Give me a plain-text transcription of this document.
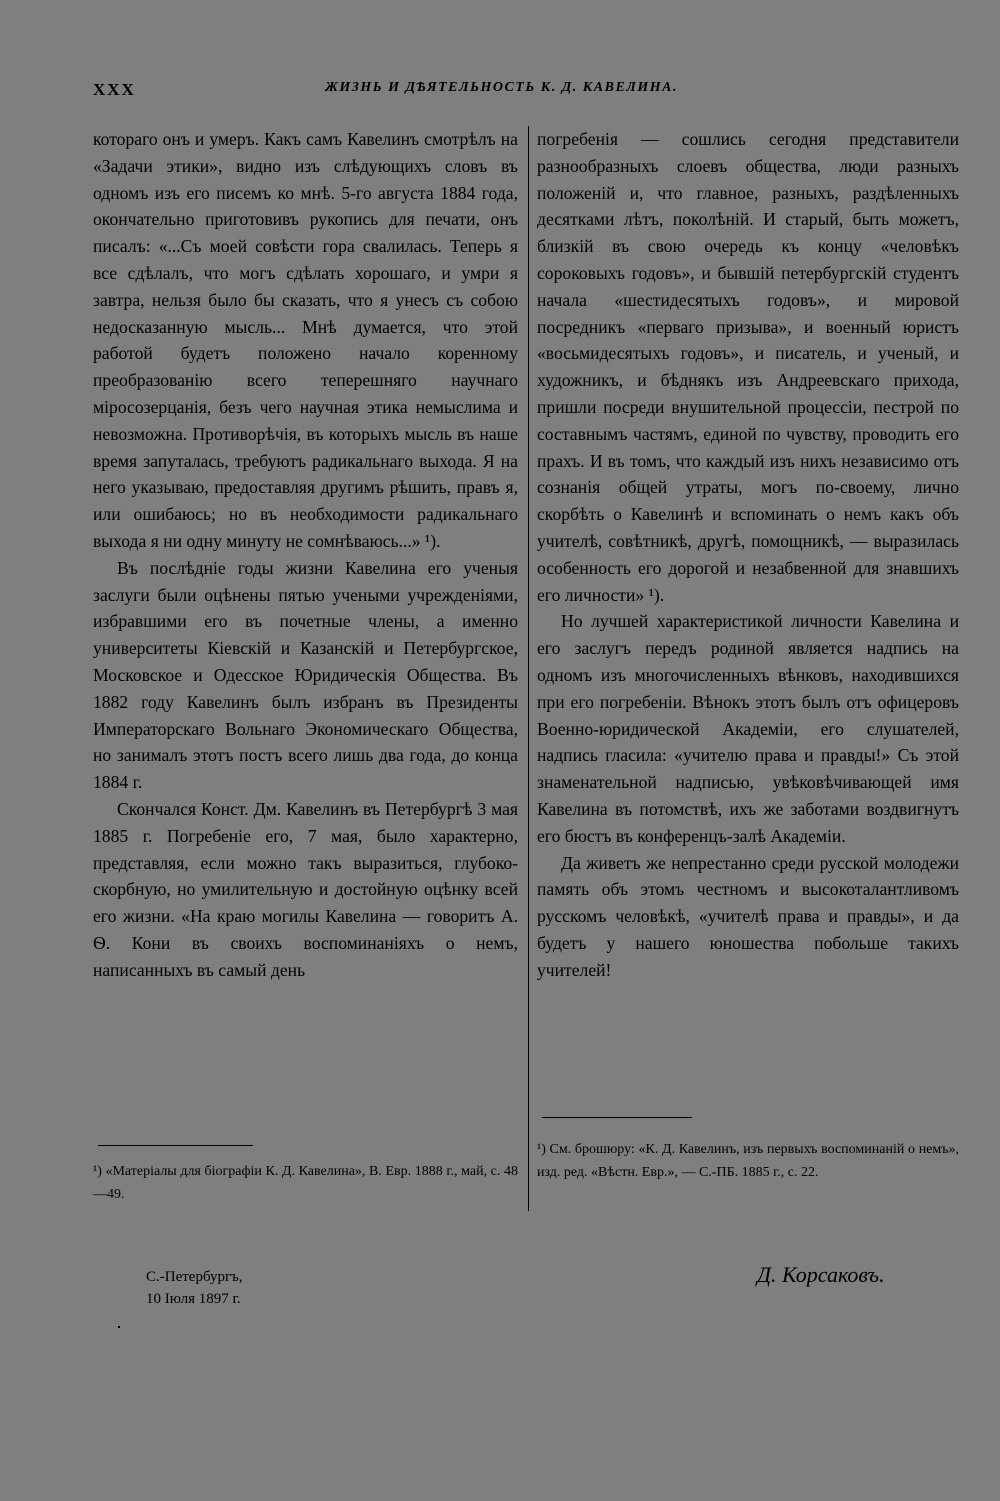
XXX	ЖИЗНЬ И ДѢЯТЕЛЬНОСТЬ К. Д. КАВЕЛИНА.

котораго онъ и умеръ. Какъ самъ Кавелинъ смотрѣлъ на «Задачи этики», видно изъ слѣдующихъ словъ въ одномъ изъ его писемъ ко мнѣ. 5-го августа 1884 года, окончательно приготовивъ рукопись для печати, онъ писалъ: «...Съ моей совѣсти гора свалилась. Теперь я все сдѣлалъ, что могъ сдѣлать хорошаго, и умри я завтра, нельзя было бы сказать, что я унесъ съ собою недосказанную мысль... Мнѣ думается, что этой работой будетъ положено начало коренному преобразованію всего теперешняго научнаго міросозерцанія, безъ чего научная этика немыслима и невозможна. Противорѣчія, въ которыхъ мысль въ наше время запуталась, требуютъ радикальнаго выхода. Я на него указываю, предоставляя другимъ рѣшить, правъ я, или ошибаюсь; но въ необходимости радикальнаго выхода я ни одну минуту не сомнѣваюсь...» ¹).

Въ послѣдніе годы жизни Кавелина его ученыя заслуги были оцѣнены пятью учеными учрежденіями, избравшими его въ почетные члены, а именно университеты Кіевскій и Казанскій и Петербургское, Московское и Одесское Юридическія Общества. Въ 1882 году Кавелинъ былъ избранъ въ Президенты Императорскаго Вольнаго Экономическаго Общества, но занималъ этотъ постъ всего лишь два года, до конца 1884 г.

Скончался Конст. Дм. Кавелинъ въ Петербургѣ 3 мая 1885 г. Погребеніе его, 7 мая, было характерно, представляя, если можно такъ выразиться, глубоко-скорбную, но умилительную и достойную оцѣнку всей его жизни. «На краю могилы Кавелина — говоритъ А. Ѳ. Кони въ своихъ воспоминаніяхъ о немъ, написанныхъ въ самый день

погребенія — сошлись сегодня представители разнообразныхъ слоевъ общества, люди разныхъ положеній и, что главное, разныхъ, раздѣленныхъ десятками лѣтъ, поколѣній. И старый, быть можетъ, близкій въ свою очередь къ концу «человѣкъ сороковыхъ годовъ», и бывшій петербургскій студентъ начала «шестидесятыхъ годовъ», и мировой посредникъ «перваго призыва», и военный юристъ «восьмидесятыхъ годовъ», и писатель, и ученый, и художникъ, и бѣднякъ изъ Андреевскаго прихода, пришли посреди внушительной процессіи, пестрой по составнымъ частямъ, единой по чувству, проводить его прахъ. И въ томъ, что каждый изъ нихъ независимо отъ сознанія общей утраты, могъ по-своему, лично скорбѣть о Кавелинѣ и вспоминать о немъ какъ объ учителѣ, совѣтникѣ, другѣ, помощникѣ, — выразилась особенность его дорогой и незабвенной для знавшихъ его личности» ¹).

Но лучшей характеристикой личности Кавелина и его заслугъ передъ родиной является надпись на одномъ изъ многочисленныхъ вѣнковъ, находившихся при его погребеніи. Вѣнокъ этотъ былъ отъ офицеровъ Военно-юридической Академіи, его слушателей, надпись гласила: «учителю права и правды!» Съ этой знаменательной надписью, увѣковѣчивающей имя Кавелина въ потомствѣ, ихъ же заботами воздвигнутъ его бюстъ въ конференцъ-залѣ Академіи.

Да живетъ же непрестанно среди русской молодежи память объ этомъ честномъ и высокоталантливомъ русскомъ человѣкѣ, «учителѣ права и правды», и да будетъ у нашего юношества побольше такихъ учителей!

¹) «Матеріалы для біографіи К. Д. Кавелина», В. Евр. 1888 г., май, с. 48—49.
¹) См. брошюру: «К. Д. Кавелинъ, изъ первыхъ воспоминаній о немъ», изд. ред. «Вѣстн. Евр.», — С.-ПБ. 1885 г., с. 22.
С.-Петербургъ,
10 Іюля 1897 г.
Д. Корсаковъ.
